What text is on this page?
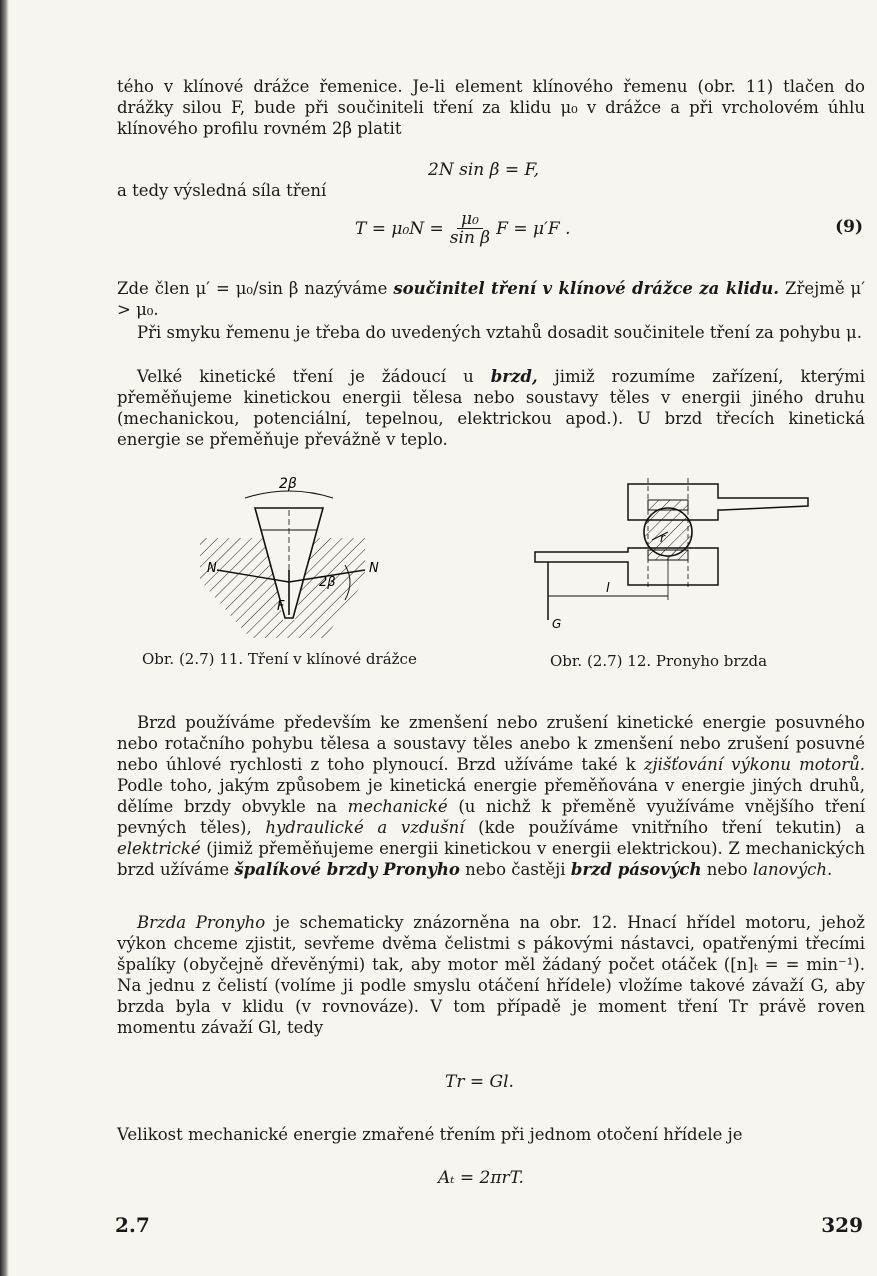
tého v klínové drážce řemenice. Je-li element klínového řemenu (obr. 11) tlačen do drážky silou F, bude při součiniteli tření za klidu μ₀ v drážce a při vrcholovém úhlu klínového profilu rovném 2β platit

2N sin β = F,
a tedy výsledná síla tření
$T = \mu_0N = \frac{\text{μ₀}}{\text{sin β}}$ F = μ′F .	(9)
Zde člen μ′ = μ₀/sin β nazýváme součinitel tření v klínové drážce za klidu. Zřejmě μ′ > μ₀.
Při smyku řemenu je třeba do uvedených vztahů dosadit součinitele tření za pohybu μ.
Velké kinetické tření je žádoucí u brzd, jimiž rozumíme zařízení, kterými přeměňujeme kinetickou energii tělesa nebo soustavy těles v energii jiného druhu (mechanickou, potenciální, tepelnou, elektrickou apod.). U brzd třecích kinetická energie se přeměňuje převážně v teplo.
2β
N	N
F
2β
Obr. (2.7) 11. Tření v klínové drážce
r
l
G
Obr. (2.7) 12. Pronyho brzda
Brzd používáme především ke zmenšení nebo zrušení kinetické energie posuvného nebo rotačního pohybu tělesa a soustavy těles anebo k zmenšení nebo zrušení posuvné nebo úhlové rychlosti z toho plynoucí. Brzd užíváme také k zjišťování výkonu motorů. Podle toho, jakým způsobem je kinetická energie přeměňována v energie jiných druhů, dělíme brzdy obvykle na mechanické (u nichž k přeměně využíváme vnějšího tření pevných těles), hydraulické a vzdušní (kde používáme vnitřního tření tekutin) a elektrické (jimiž přeměňujeme energii kinetickou v energii elektrickou). Z mechanických brzd užíváme špalíkové brzdy Pronyho nebo častěji brzd pásových nebo lanových.
Brzda Pronyho je schematicky znázorněna na obr. 12. Hnací hřídel motoru, jehož výkon chceme zjistit, sevřeme dvěma čelistmi s pákovými nástavci, opatřenými třecími špalíky (obyčejně dřevěnými) tak, aby motor měl žádaný počet otáček ([n]ₜ = = min⁻¹). Na jednu z čelistí (volíme ji podle smyslu otáčení hřídele) vložíme takové závaží G, aby brzda byla v klidu (v rovnováze). V tom případě je moment tření Tr právě roven momentu závaží Gl, tedy
Tr = Gl.
Velikost mechanické energie zmařené třením při jednom otočení hřídele je
Aₜ = 2πrT.
2.7	329
